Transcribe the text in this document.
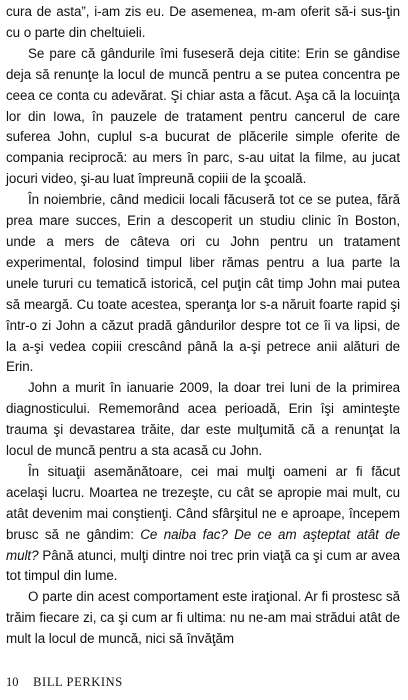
cura de asta”, i-am zis eu. De asemenea, m-am oferit să-i sus-ţin cu o parte din cheltuieli.

Se pare că gândurile îmi fuseseră deja citite: Erin se gândise deja să renunţe la locul de muncă pentru a se putea concentra pe ceea ce conta cu adevărat. Şi chiar asta a făcut. Aşa că la locuinţa lor din Iowa, în pauzele de tratament pentru cancerul de care suferea John, cuplul s-a bucurat de plăcerile simple oferite de compania reciprocă: au mers în parc, s-au uitat la filme, au jucat jocuri video, şi-au luat împreună copiii de la şcoală.

În noiembrie, când medicii locali făcuseră tot ce se putea, fără prea mare succes, Erin a descoperit un studiu clinic în Boston, unde a mers de câteva ori cu John pentru un tratament experimental, folosind timpul liber rămas pentru a lua parte la unele tururi cu tematică istorică, cel puţin cât timp John mai putea să meargă. Cu toate acestea, speranţa lor s-a năruit foarte rapid şi într-o zi John a căzut pradă gândurilor despre tot ce îi va lipsi, de la a-şi vedea copiii crescând până la a-şi petrece anii alături de Erin.

John a murit în ianuarie 2009, la doar trei luni de la primirea diagnosticului. Rememorând acea perioadă, Erin îşi aminteşte trauma şi devastarea trăite, dar este mulţumită că a renunţat la locul de muncă pentru a sta acasă cu John.

În situaţii asemănătoare, cei mai mulţi oameni ar fi făcut acelaşi lucru. Moartea ne trezeşte, cu cât se apropie mai mult, cu atât devenim mai conştienţi. Când sfârşitul ne e aproape, începem brusc să ne gândim: Ce naiba fac? De ce am aşteptat atât de mult? Până atunci, mulţi dintre noi trec prin viaţă ca şi cum ar avea tot timpul din lume.

O parte din acest comportament este iraţional. Ar fi prostesc să trăim fiecare zi, ca şi cum ar fi ultima: nu ne-am mai strădui atât de mult la locul de muncă, nici să învăţăm

10 BILL PERKINS
